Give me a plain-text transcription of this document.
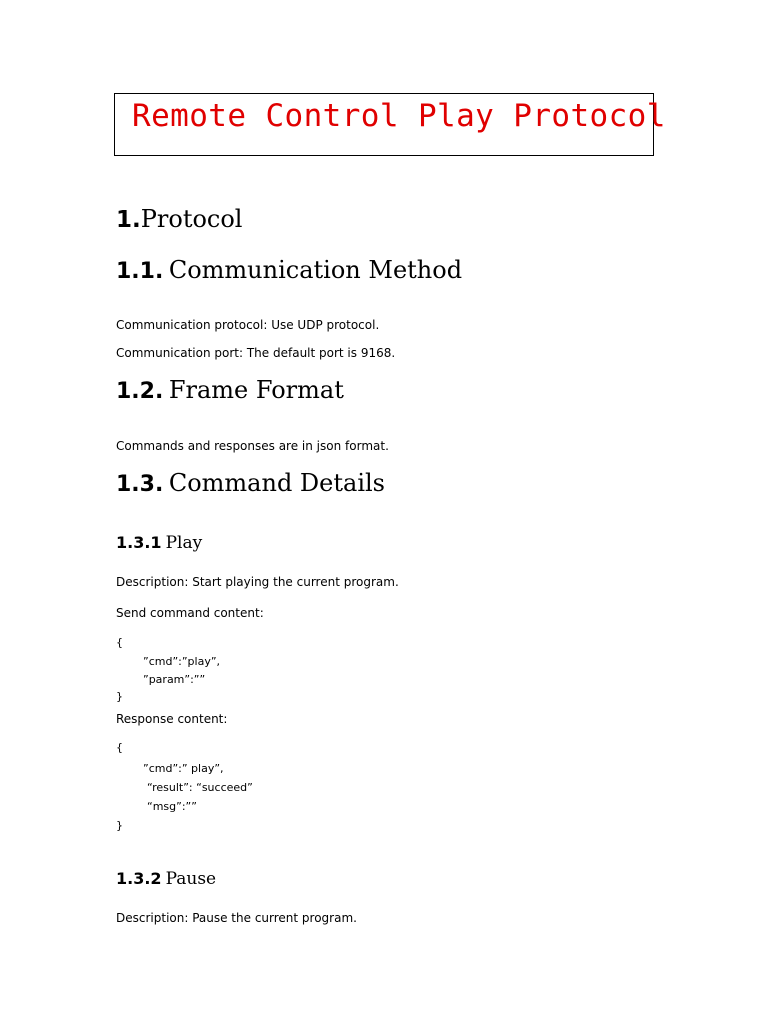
Remote Control Play Protocol
1.Protocol
1.1. Communication Method
Communication protocol: Use UDP protocol.
Communication port: The default port is 9168.
1.2. Frame Format
Commands and responses are in json format.
1.3. Command Details
1.3.1 Play
Description: Start playing the current program.
Send command content:
{
”cmd”:”play”,
”param”:””
}
Response content:
{
”cmd”:” play”,
“result”: “succeed”
“msg”:””
}
1.3.2 Pause
Description: Pause the current program.
